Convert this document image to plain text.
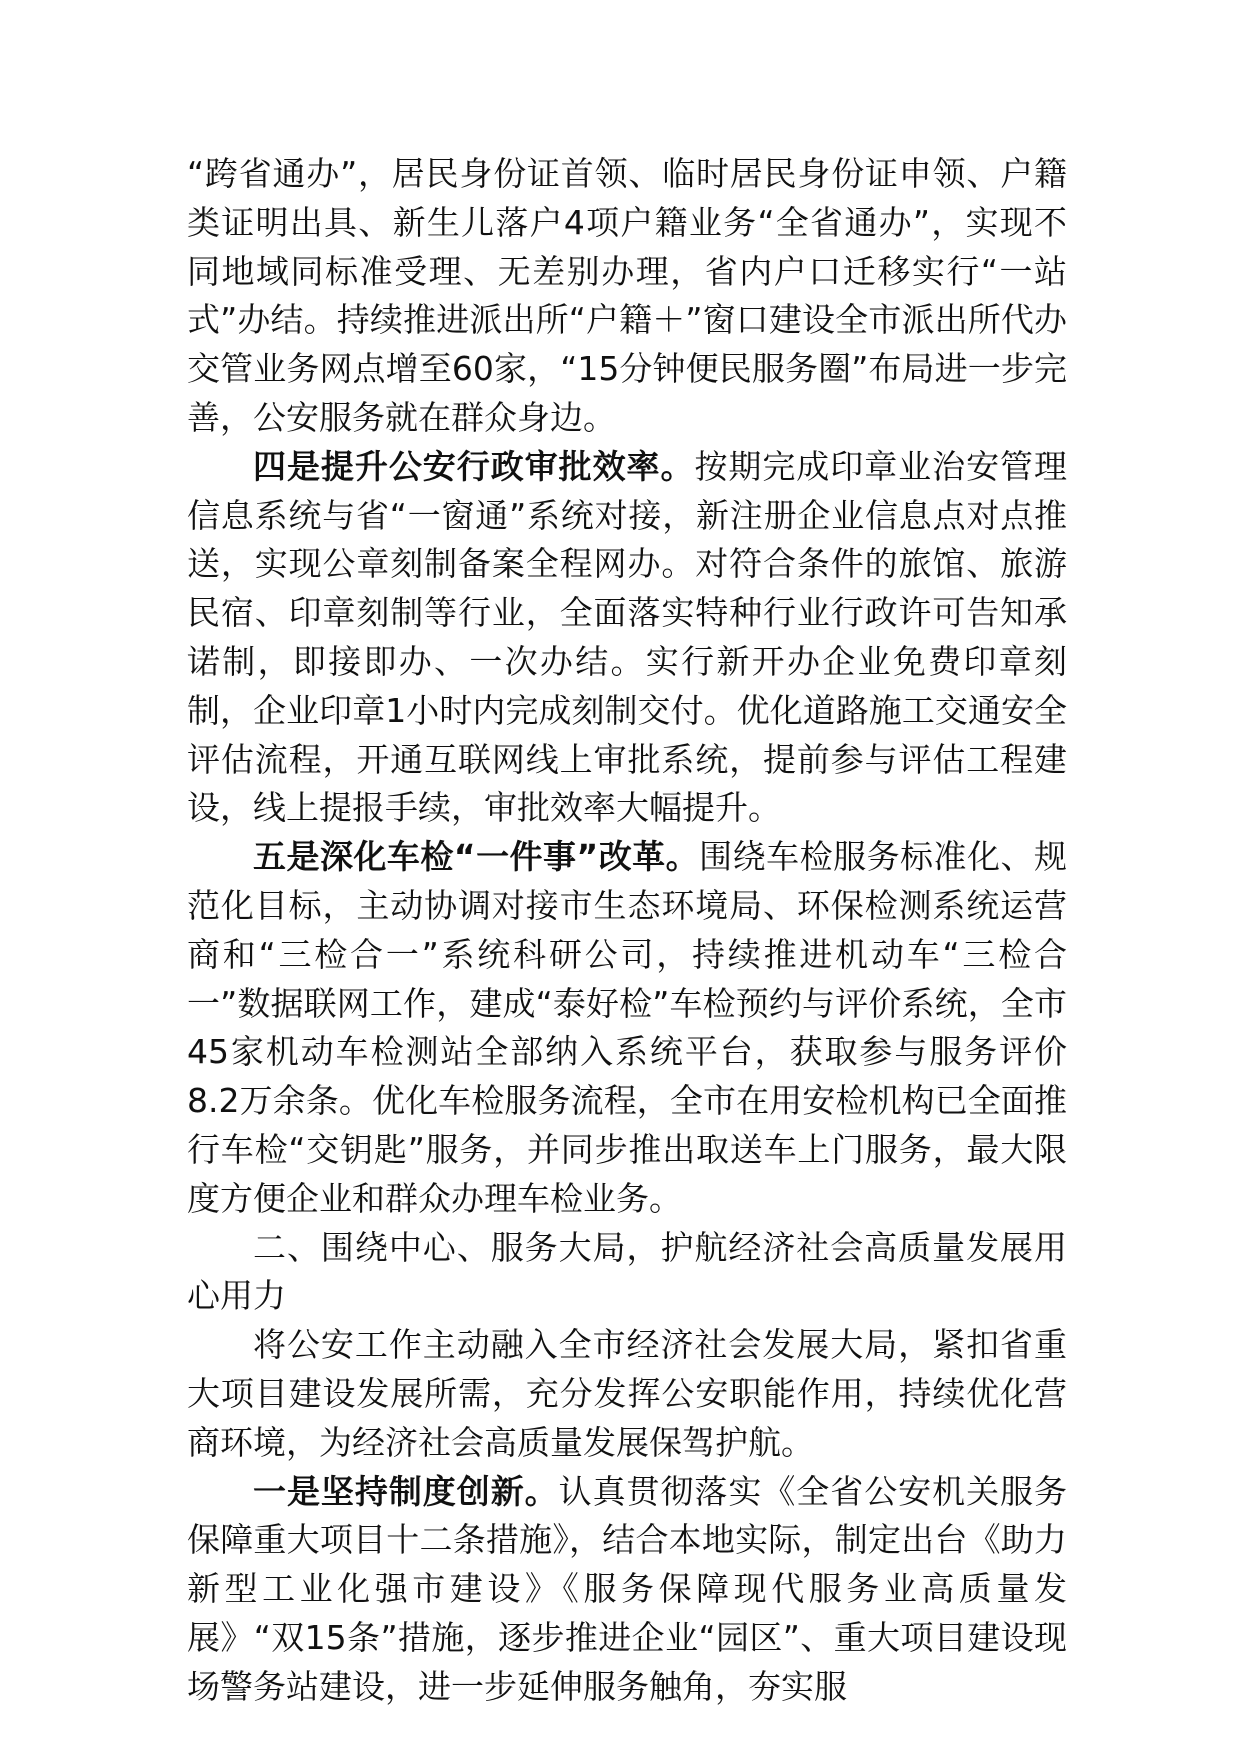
“跨省通办”，居民身份证首领、临时居民身份证申领、户籍类证明出具、新生儿落户4项户籍业务“全省通办”，实现不同地域同标准受理、无差别办理，省内户口迁移实行“一站式”办结。持续推进派出所“户籍＋”窗口建设全市派出所代办交管业务网点增至60家，“15分钟便民服务圈”布局进一步完善，公安服务就在群众身边。

四是提升公安行政审批效率。按期完成印章业治安管理信息系统与省“一窗通”系统对接，新注册企业信息点对点推送，实现公章刻制备案全程网办。对符合条件的旅馆、旅游民宿、印章刻制等行业，全面落实特种行业行政许可告知承诺制，即接即办、一次办结。实行新开办企业免费印章刻制，企业印章1小时内完成刻制交付。优化道路施工交通安全评估流程，开通互联网线上审批系统，提前参与评估工程建设，线上提报手续，审批效率大幅提升。

五是深化车检“一件事”改革。围绕车检服务标准化、规范化目标，主动协调对接市生态环境局、环保检测系统运营商和“三检合一”系统科研公司，持续推进机动车“三检合一”数据联网工作，建成“泰好检”车检预约与评价系统，全市45家机动车检测站全部纳入系统平台，获取参与服务评价8.2万余条。优化车检服务流程，全市在用安检机构已全面推行车检“交钥匙”服务，并同步推出取送车上门服务，最大限度方便企业和群众办理车检业务。

二、围绕中心、服务大局，护航经济社会高质量发展用心用力

将公安工作主动融入全市经济社会发展大局，紧扣省重大项目建设发展所需，充分发挥公安职能作用，持续优化营商环境，为经济社会高质量发展保驾护航。

一是坚持制度创新。认真贯彻落实《全省公安机关服务保障重大项目十二条措施》，结合本地实际，制定出台《助力新型工业化强市建设》《服务保障现代服务业高质量发展》“双15条”措施，逐步推进企业“园区”、重大项目建设现场警务站建设，进一步延伸服务触角，夯实服
